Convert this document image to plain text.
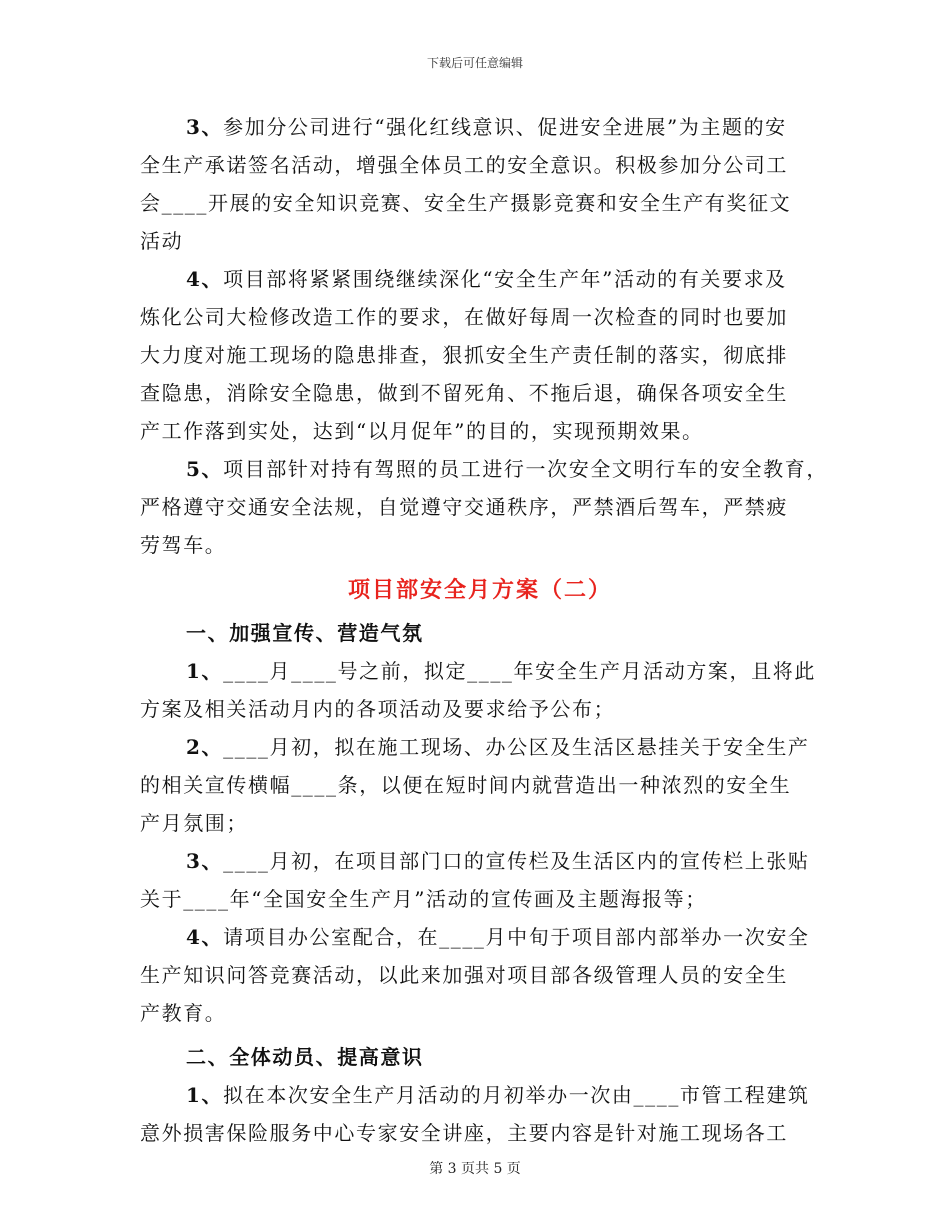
下载后可任意编辑
3、参加分公司进行“强化红线意识、促进安全进展”为主题的安
全生产承诺签名活动，增强全体员工的安全意识。积极参加分公司工
会____开展的安全知识竞赛、安全生产摄影竞赛和安全生产有奖征文
活动
4、项目部将紧紧围绕继续深化“安全生产年”活动的有关要求及
炼化公司大检修改造工作的要求，在做好每周一次检查的同时也要加
大力度对施工现场的隐患排查，狠抓安全生产责任制的落实，彻底排
查隐患，消除安全隐患，做到不留死角、不拖后退，确保各项安全生
产工作落到实处，达到“以月促年”的目的，实现预期效果。
5、项目部针对持有驾照的员工进行一次安全文明行车的安全教育，
严格遵守交通安全法规，自觉遵守交通秩序，严禁酒后驾车，严禁疲
劳驾车。
项目部安全月方案（二）
一、加强宣传、营造气氛
1、____月____号之前，拟定____年安全生产月活动方案，且将此
方案及相关活动月内的各项活动及要求给予公布；
2、____月初，拟在施工现场、办公区及生活区悬挂关于安全生产
的相关宣传横幅____条，以便在短时间内就营造出一种浓烈的安全生
产月氛围；
3、____月初，在项目部门口的宣传栏及生活区内的宣传栏上张贴
关于____年“全国安全生产月”活动的宣传画及主题海报等；
4、请项目办公室配合，在____月中旬于项目部内部举办一次安全
生产知识问答竞赛活动，以此来加强对项目部各级管理人员的安全生
产教育。
二、全体动员、提高意识
1、拟在本次安全生产月活动的月初举办一次由____市管工程建筑
意外损害保险服务中心专家安全讲座，主要内容是针对施工现场各工
第 3 页共 5 页
